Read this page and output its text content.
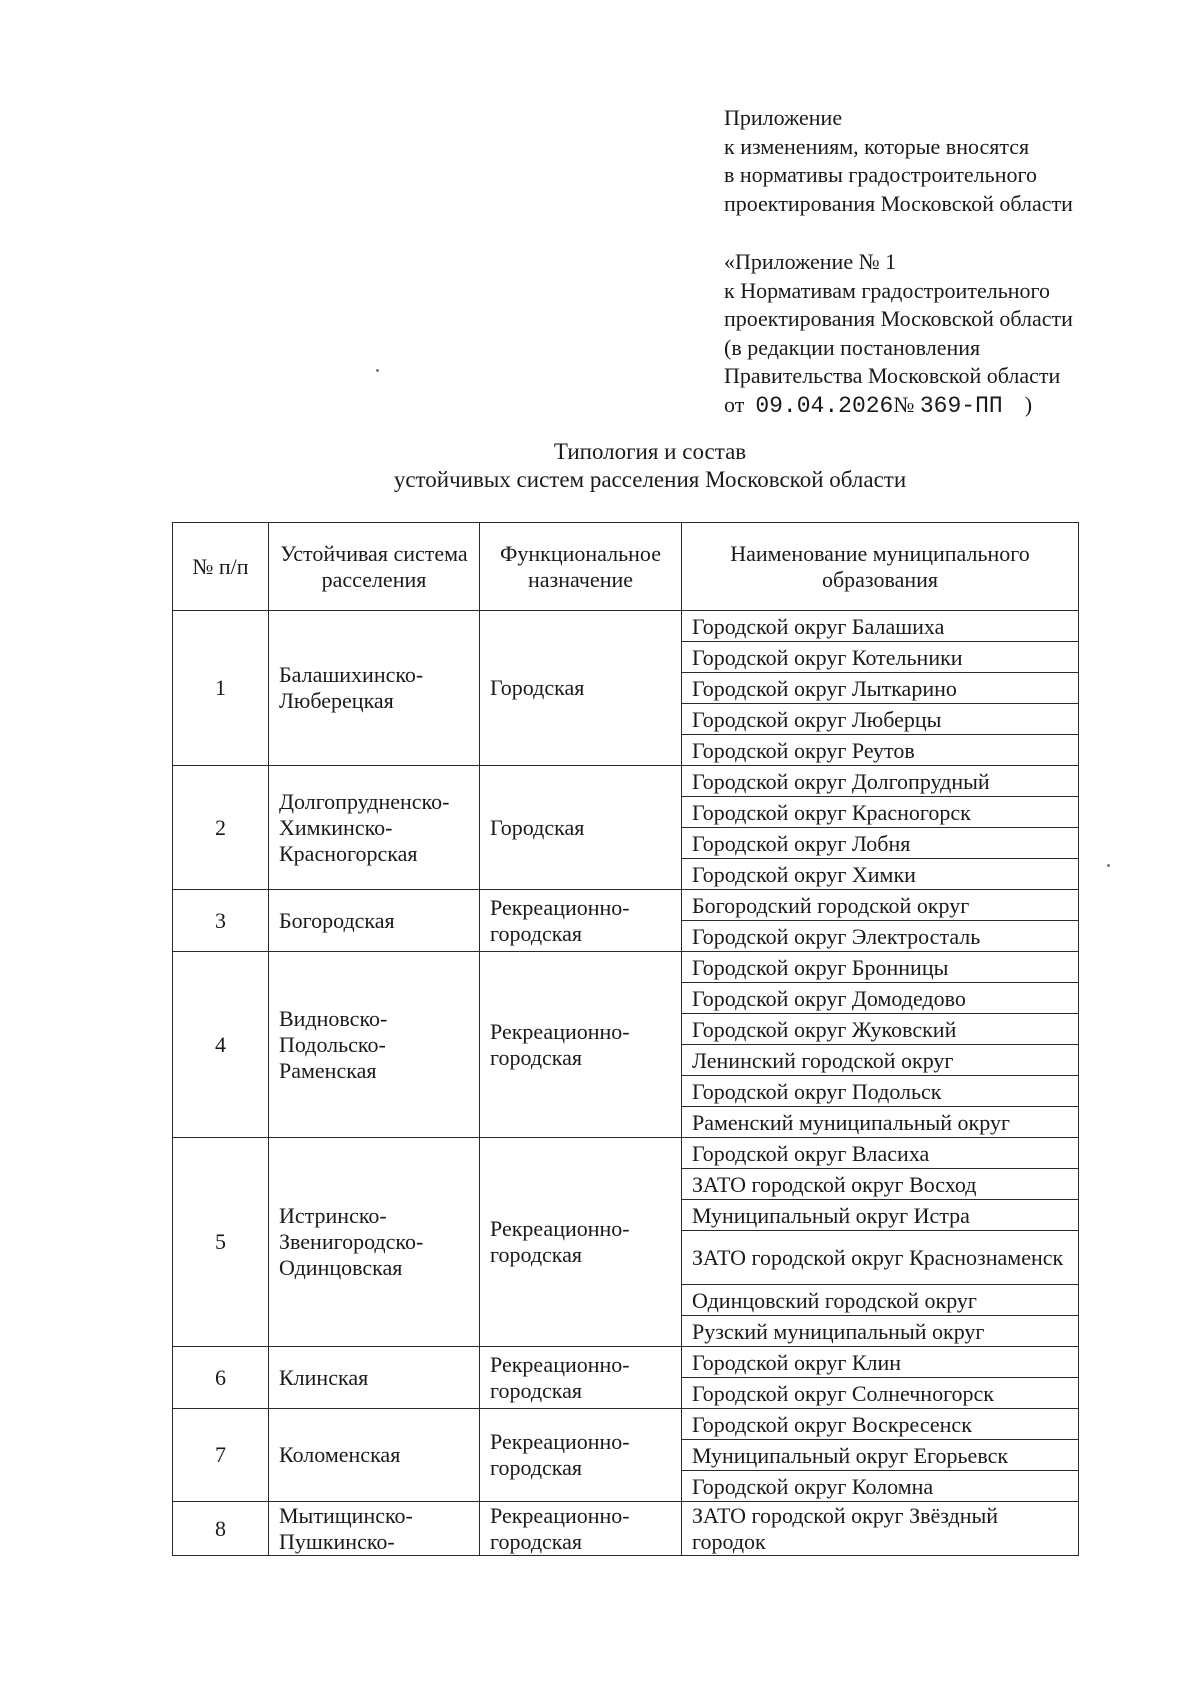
Приложение
к изменениям, которые вносятся
в нормативы градостроительного
проектирования Московской области
«Приложение № 1
к Нормативам градостроительного
проектирования Московской области
(в редакции постановления
Правительства Московской области
от 09.04.2026№ 369-ПП )
Типология и состав
устойчивых систем расселения Московской области
№ п/п	Устойчивая система расселения	Функциональное назначение	Наименование муниципального образования
1	Балашихинско-Люберецкая	Городская	Городской округ Балашиха
			Городской округ Котельники
			Городской округ Лыткарино
			Городской округ Люберцы
			Городской округ Реутов
2	Долгопрудненско-Химкинско-Красногорская	Городская	Городской округ Долгопрудный
			Городской округ Красногорск
			Городской округ Лобня
			Городской округ Химки
3	Богородская	Рекреационно-городская	Богородский городской округ
			Городской округ Электросталь
4	Видновско-Подольско-Раменская	Рекреационно-городская	Городской округ Бронницы
			Городской округ Домодедово
			Городской округ Жуковский
			Ленинский городской округ
			Городской округ Подольск
			Раменский муниципальный округ
5	Истринско-Звенигородско-Одинцовская	Рекреационно-городская	Городской округ Власиха
			ЗАТО городской округ Восход
			Муниципальный округ Истра
			ЗАТО городской округ Краснознаменск
			Одинцовский городской округ
			Рузский муниципальный округ
6	Клинская	Рекреационно-городская	Городской округ Клин
			Городской округ Солнечногорск
7	Коломенская	Рекреационно-городская	Городской округ Воскресенск
			Муниципальный округ Егорьевск
			Городской округ Коломна
8	Мытищинско-Пушкинско-	Рекреационно-городская	ЗАТО городской округ Звёздный городок
